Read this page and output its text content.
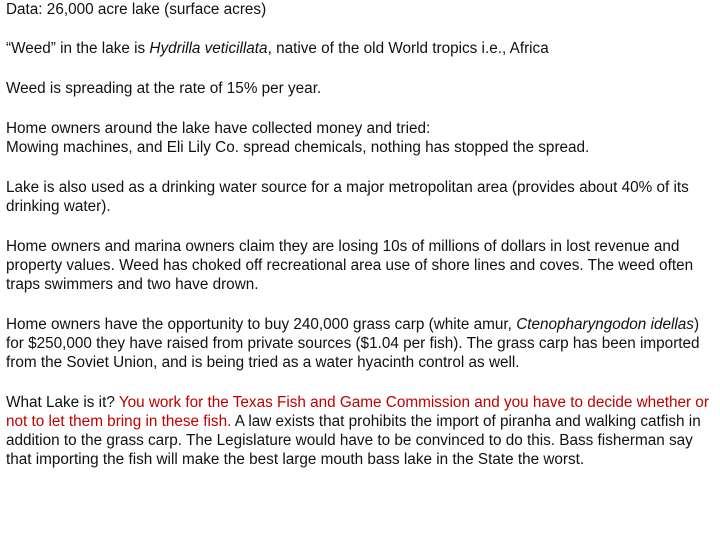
Data: 26,000 acre lake (surface acres)

“Weed” in the lake is Hydrilla veticillata, native of the old World tropics i.e., Africa

Weed is spreading at the rate of 15% per year.

Home owners around the lake have collected money and tried:
Mowing machines, and Eli Lily Co. spread chemicals, nothing has stopped the spread.

Lake is also used as a drinking water source for a major metropolitan area (provides about 40% of its drinking water).

Home owners and marina owners claim they are losing 10s of millions of dollars in lost revenue and property values. Weed has choked off recreational area use of shore lines and coves. The weed often traps swimmers and two have drown.

Home owners have the opportunity to buy 240,000 grass carp (white amur, Ctenopharyngodon idellas) for $250,000 they have raised from private sources ($1.04 per fish). The grass carp has been imported from the Soviet Union, and is being tried as a water hyacinth control as well.

What Lake is it? You work for the Texas Fish and Game Commission and you have to decide whether or not to let them bring in these fish. A law exists that prohibits the import of piranha and walking catfish in addition to the grass carp. The Legislature would have to be convinced to do this. Bass fisherman say that importing the fish will make the best large mouth bass lake in the State the worst.
